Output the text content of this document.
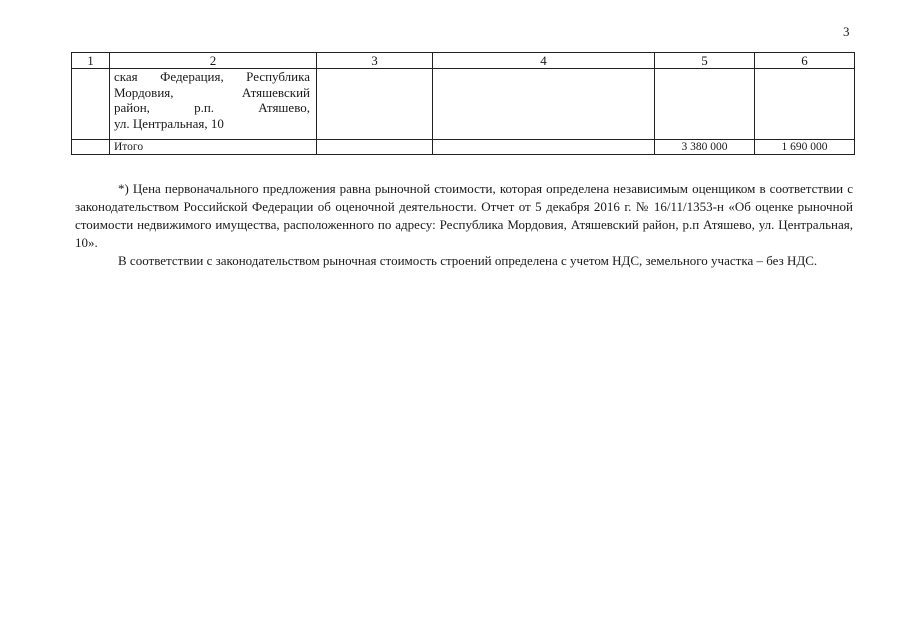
3
1	2	3	4	5	6

	ская Федерация, Республика
Мордовия, Атяшевский
район, р.п. Атяшево,
ул. Центральная, 10				

	Итого			3 380 000	1 690 000

*) Цена первоначального предложения равна рыночной стоимости, которая определена независимым оценщиком в соответствии с законодательством Российской Федерации об оценочной деятельности. Отчет от 5 декабря 2016 г. № 16/11/1353-н «Об оценке рыночной стоимости недвижимого имущества, расположенного по адресу: Республика Мордовия, Атяшевский район, р.п Атяшево, ул. Центральная, 10».

В соответствии с законодательством рыночная стоимость строений определена с учетом НДС, земельного участка – без НДС.
